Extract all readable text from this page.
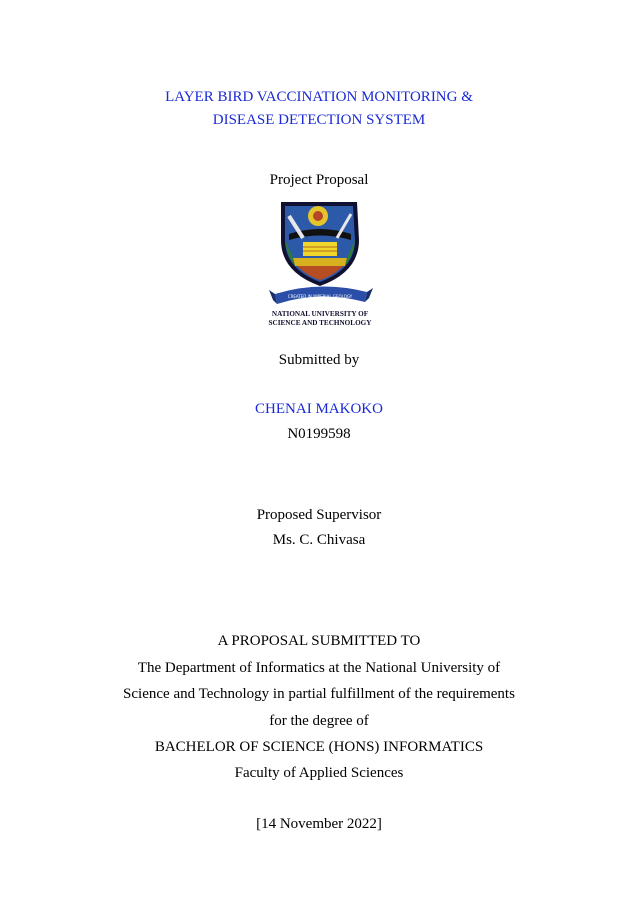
LAYER BIRD VACCINATION MONITORING &
DISEASE DETECTION SYSTEM
Project Proposal
CREATED IN IMPERIAL GEOLOGY
NATIONAL UNIVERSITY OF
SCIENCE AND TECHNOLOGY
Submitted by
CHENAI MAKOKO
N0199598
Proposed Supervisor
Ms. C. Chivasa
A PROPOSAL SUBMITTED TO
The Department of Informatics at the National University of
Science and Technology in partial fulfillment of the requirements
for the degree of
BACHELOR OF SCIENCE (HONS) INFORMATICS
Faculty of Applied Sciences
[14 November 2022]
